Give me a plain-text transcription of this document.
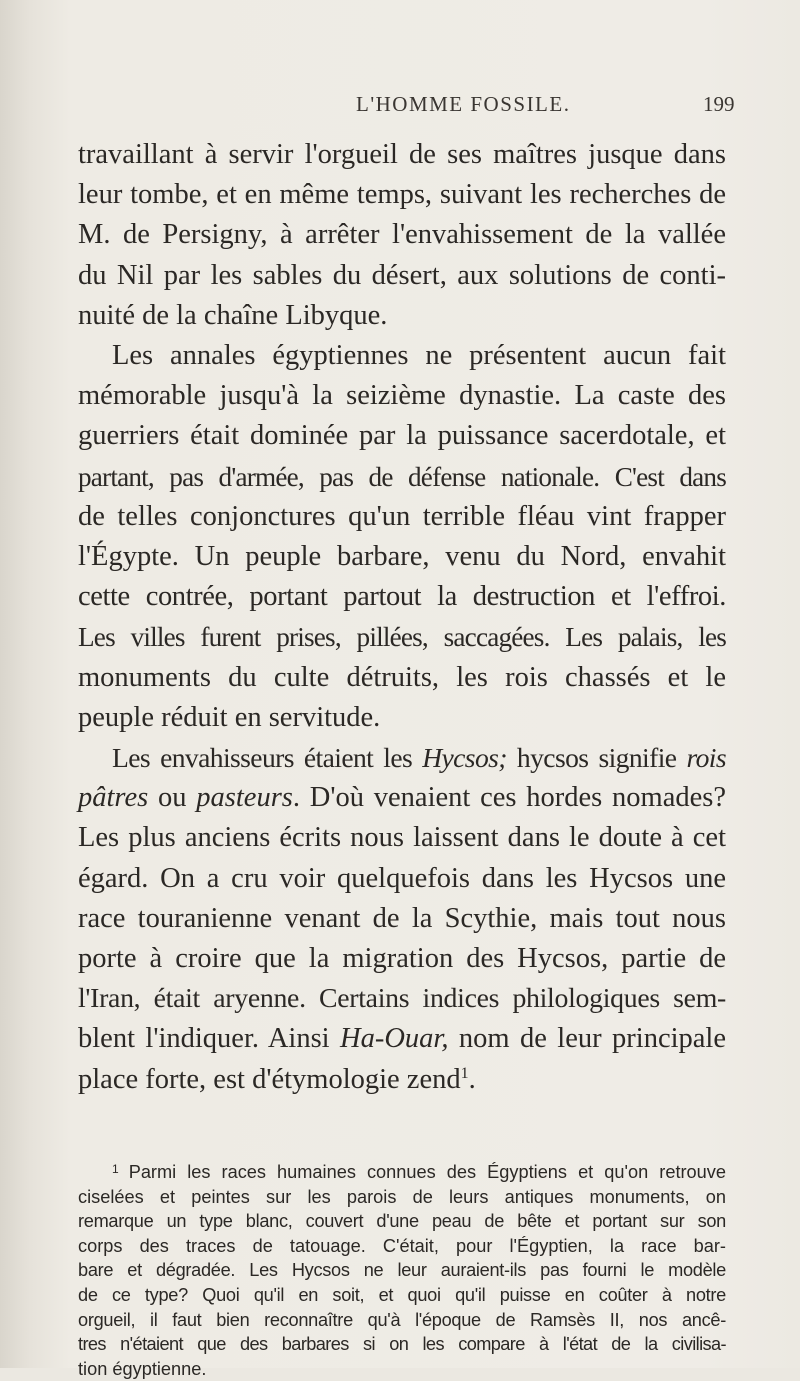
L'HOMME FOSSILE.	199

travaillant à servir l'orgueil de ses maîtres jusque dans
leur tombe, et en même temps, suivant les recherches de
M. de Persigny, à arrêter l'envahissement de la vallée
du Nil par les sables du désert, aux solutions de conti-
nuité de la chaîne Libyque.

Les annales égyptiennes ne présentent aucun fait
mémorable jusqu'à la seizième dynastie. La caste des
guerriers était dominée par la puissance sacerdotale, et
partant, pas d'armée, pas de défense nationale. C'est dans
de telles conjonctures qu'un terrible fléau vint frapper
l'Égypte. Un peuple barbare, venu du Nord, envahit
cette contrée, portant partout la destruction et l'effroi.
Les villes furent prises, pillées, saccagées. Les palais, les
monuments du culte détruits, les rois chassés et le
peuple réduit en servitude.

Les envahisseurs étaient les Hycsos; hycsos signifie rois
pâtres ou pasteurs. D'où venaient ces hordes nomades?
Les plus anciens écrits nous laissent dans le doute à cet
égard. On a cru voir quelquefois dans les Hycsos une
race touranienne venant de la Scythie, mais tout nous
porte à croire que la migration des Hycsos, partie de
l'Iran, était aryenne. Certains indices philologiques sem-
blent l'indiquer. Ainsi Ha-Ouar, nom de leur principale
place forte, est d'étymologie zend$^1$.

$^1$ Parmi les races humaines connues des Égyptiens et qu'on retrouve
ciselées et peintes sur les parois de leurs antiques monuments, on
remarque un type blanc, couvert d'une peau de bête et portant sur son
corps des traces de tatouage. C'était, pour l'Égyptien, la race bar-
bare et dégradée. Les Hycsos ne leur auraient-ils pas fourni le modèle
de ce type? Quoi qu'il en soit, et quoi qu'il puisse en coûter à notre
orgueil, il faut bien reconnaître qu'à l'époque de Ramsès II, nos ancê-
tres n'étaient que des barbares si on les compare à l'état de la civilisa-
tion égyptienne.
